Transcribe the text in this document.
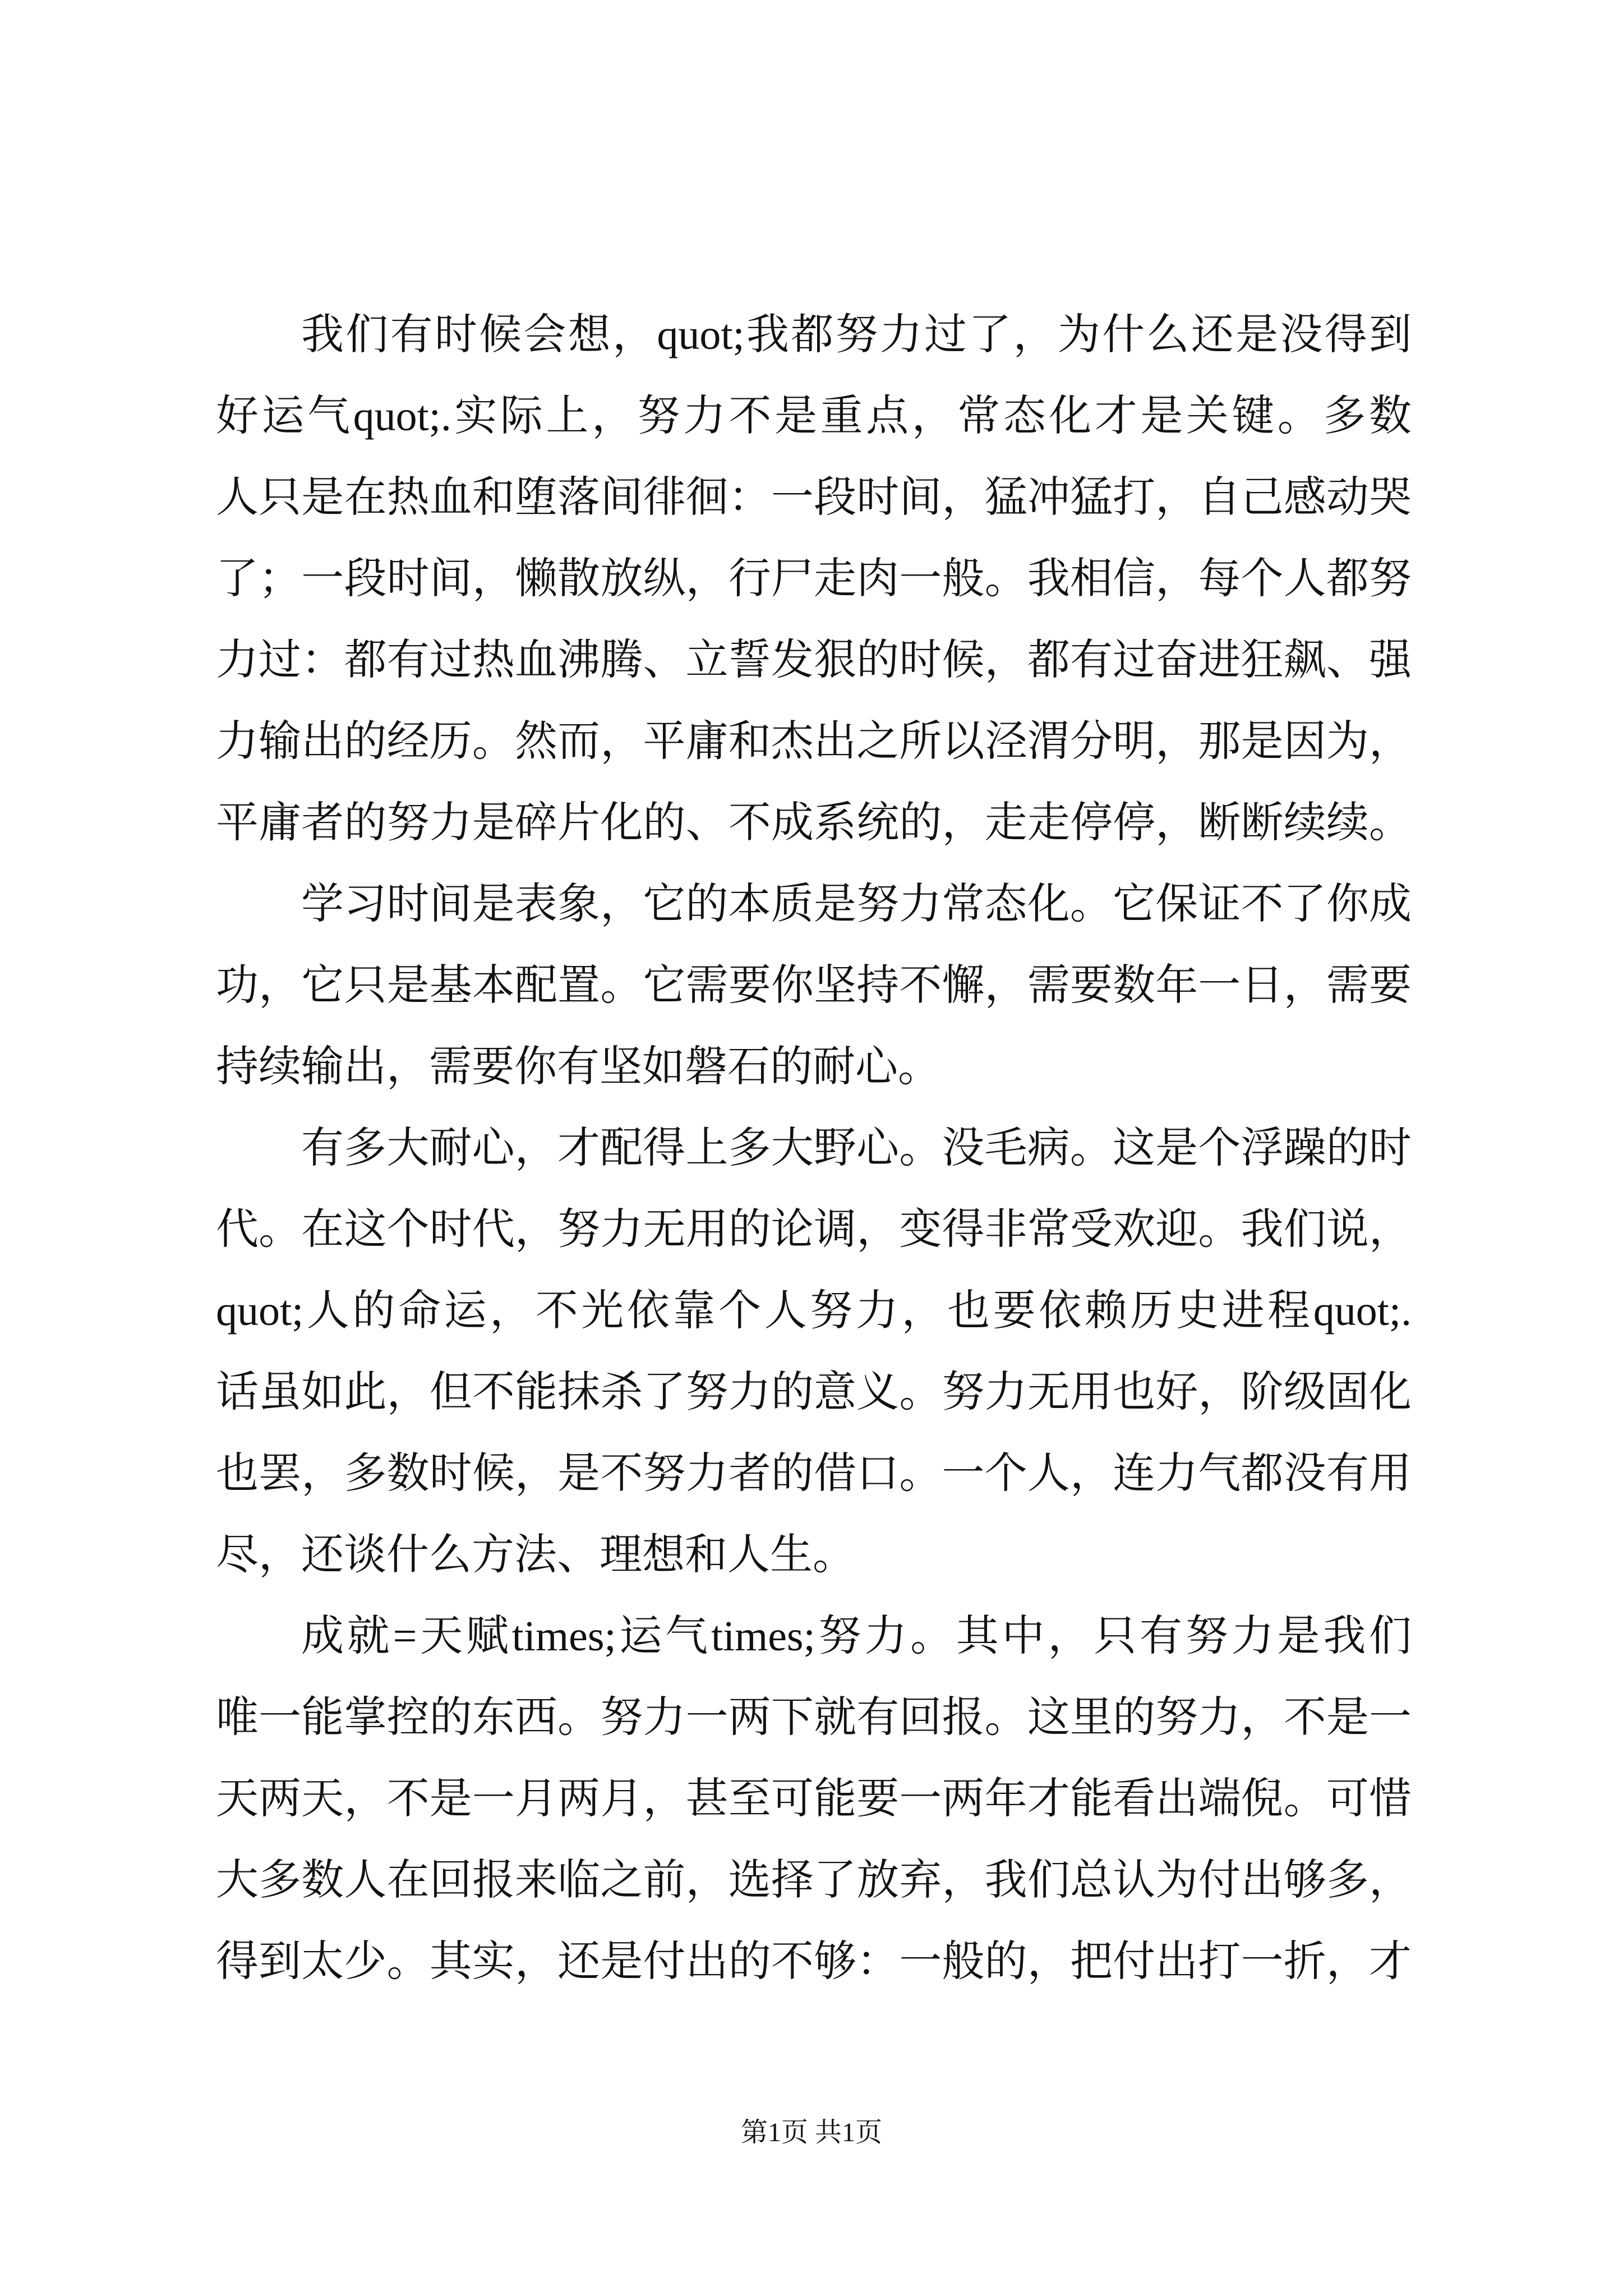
我们有时候会想，quot;我都努力过了，为什么还是没得到
好运气quot;.实际上，努力不是重点，常态化才是关键。多数
人只是在热血和堕落间徘徊：一段时间，猛冲猛打，自己感动哭
了；一段时间，懒散放纵，行尸走肉一般。我相信，每个人都努
力过：都有过热血沸腾、立誓发狠的时候，都有过奋进狂飙、强
力输出的经历。然而，平庸和杰出之所以泾渭分明，那是因为，
平庸者的努力是碎片化的、不成系统的，走走停停，断断续续。
学习时间是表象，它的本质是努力常态化。它保证不了你成
功，它只是基本配置。它需要你坚持不懈，需要数年一日，需要
持续输出，需要你有坚如磐石的耐心。
有多大耐心，才配得上多大野心。没毛病。这是个浮躁的时
代。在这个时代，努力无用的论调，变得非常受欢迎。我们说，
quot;人的命运，不光依靠个人努力，也要依赖历史进程quot;.
话虽如此，但不能抹杀了努力的意义。努力无用也好，阶级固化
也罢，多数时候，是不努力者的借口。一个人，连力气都没有用
尽，还谈什么方法、理想和人生。
成就=天赋times;运气times;努力。其中，只有努力是我们
唯一能掌控的东西。努力一两下就有回报。这里的努力，不是一
天两天，不是一月两月，甚至可能要一两年才能看出端倪。可惜
大多数人在回报来临之前，选择了放弃，我们总认为付出够多，
得到太少。其实，还是付出的不够：一般的，把付出打一折，才
第1页 共1页
